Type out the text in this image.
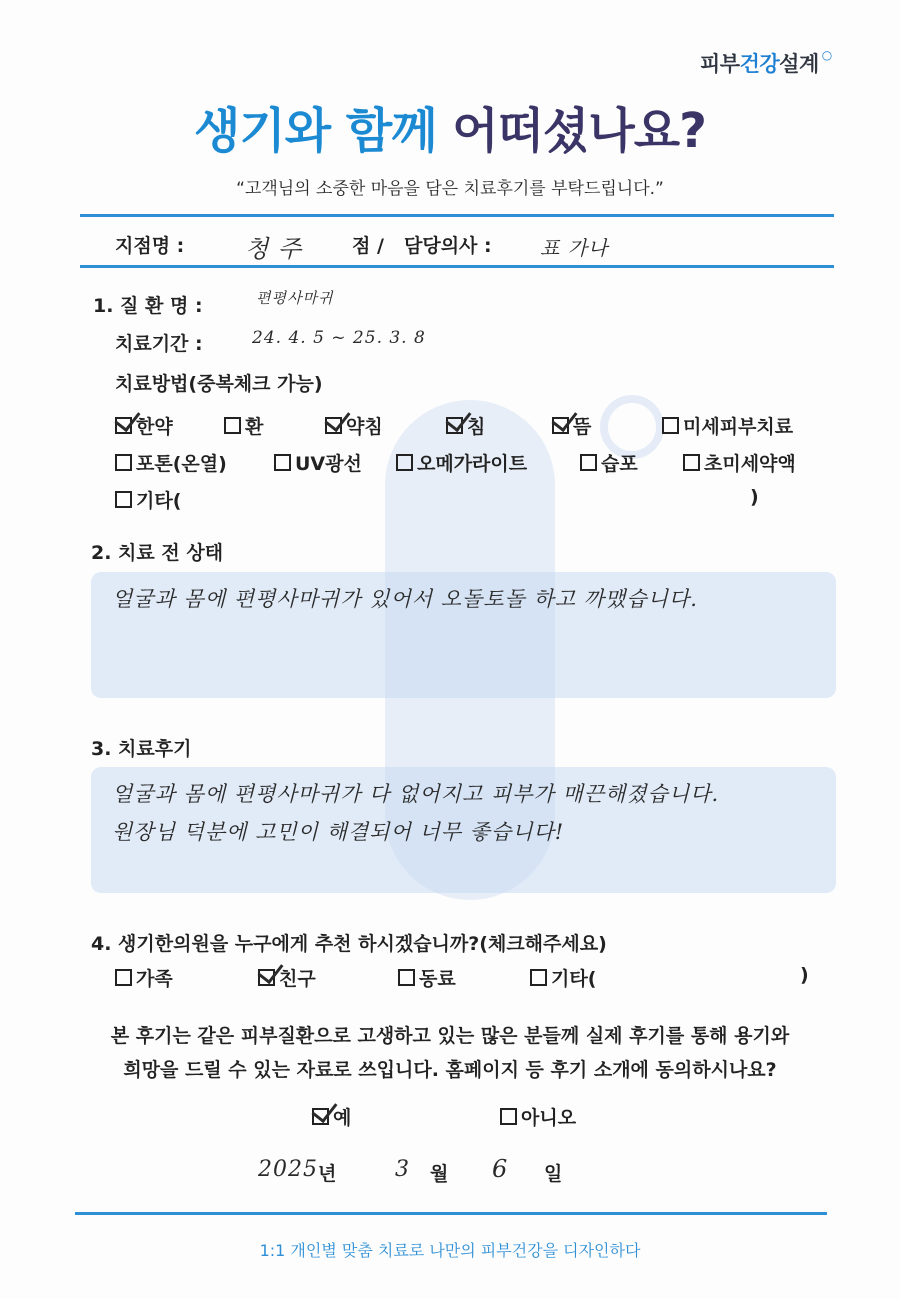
피부건강설계 ○
생기와 함께 어떠셨나요?
“고객님의 소중한 마음을 담은 치료후기를 부탁드립니다.”
지점명 :	청 주	점 / 담당의사 : 표 가나
1. 질 환 명 :	편평사마귀
치료기간 :	24. 4. 5 ~ 25. 3. 8
치료방법(중복체크 가능)
한약	환	약침	침	뜸	미세피부치료
포톤(온열)	UV광선	오메가라이트	습포	초미세약액
기타(	)
2. 치료 전 상태
얼굴과 몸에 편평사마귀가 있어서 오돌토돌 하고 까맸습니다.
3. 치료후기
얼굴과 몸에 편평사마귀가 다 없어지고 피부가 매끈해졌습니다.
원장님 덕분에 고민이 해결되어 너무 좋습니다!
4. 생기한의원을 누구에게 추천 하시겠습니까?(체크해주세요)
가족	친구	동료	기타(	)
본 후기는 같은 피부질환으로 고생하고 있는 많은 분들께 실제 후기를 통해 용기와
희망을 드릴 수 있는 자료로 쓰입니다. 홈페이지 등 후기 소개에 동의하시나요?
예	아니오
2025 년	3 월 6 일
1:1 개인별 맞춤 치료로 나만의 피부건강을 디자인하다
